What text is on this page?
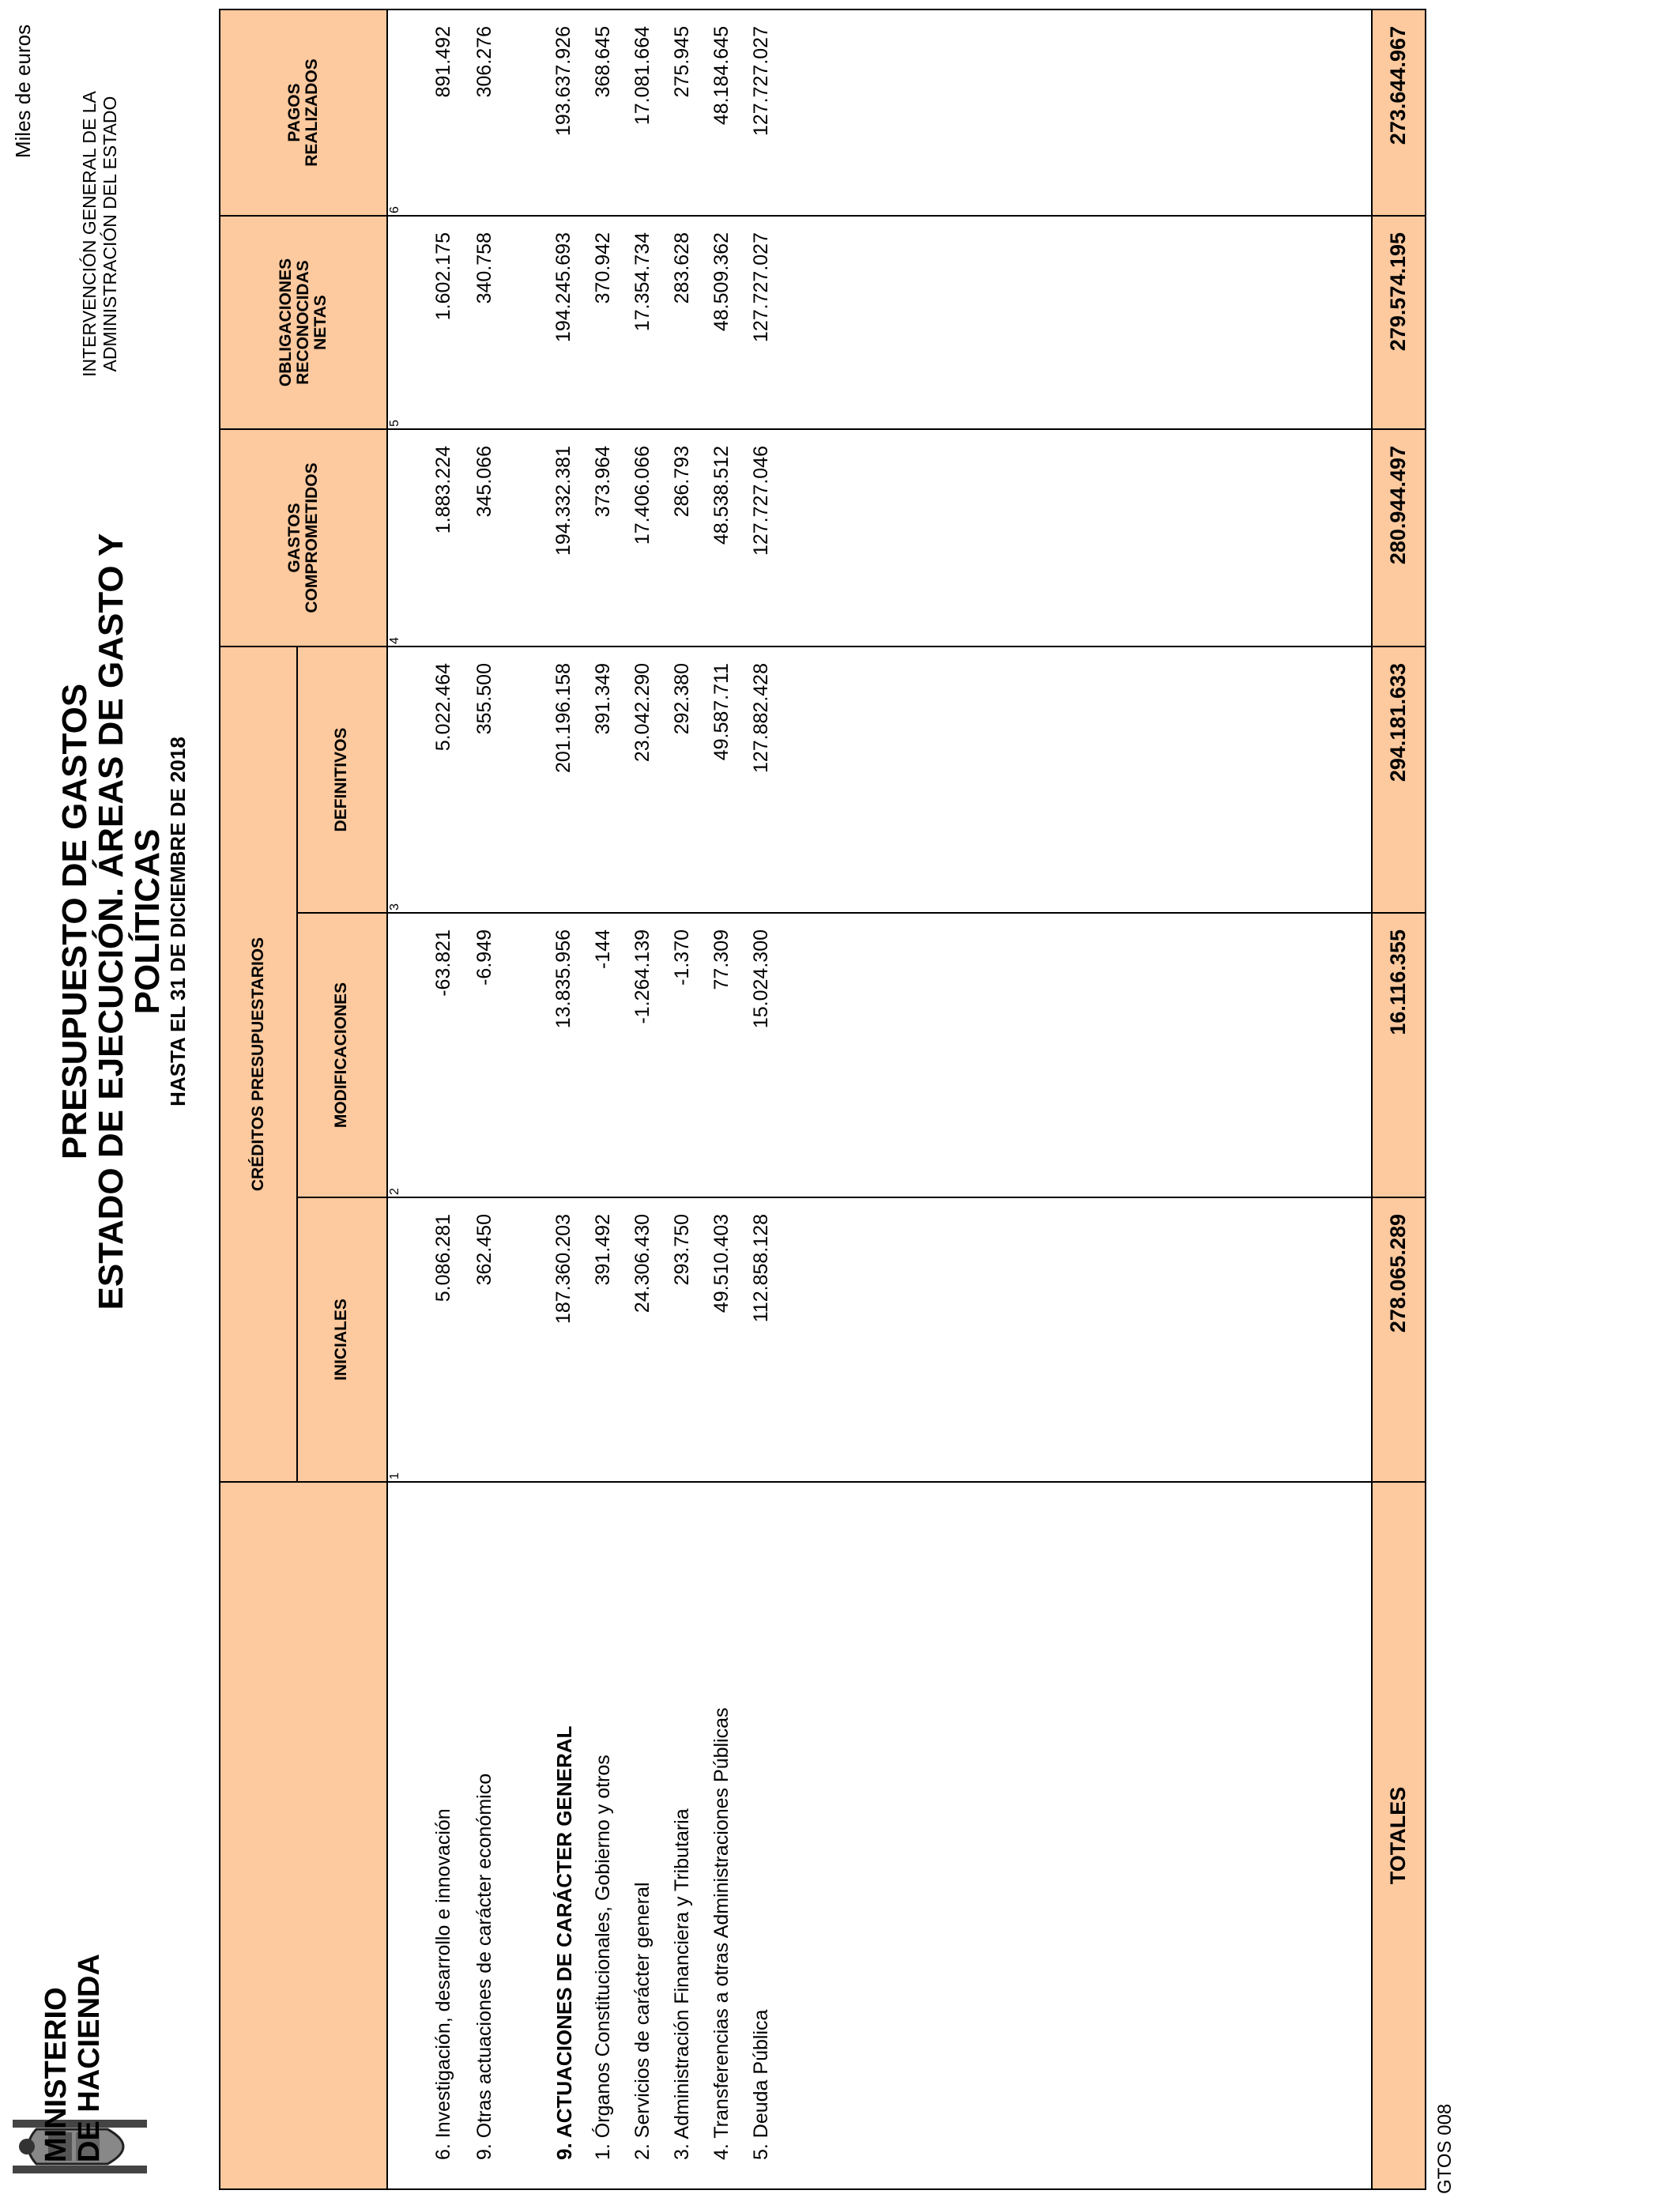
MINISTERIO DE HACIENDA
PRESUPUESTO DE GASTOS
ESTADO DE EJECUCIÓN. ÁREAS DE GASTO Y POLÍTICAS HASTA EL 31 DE DICIEMBRE DE 2018
INTERVENCIÓN GENERAL DE LA ADMINISTRACIÓN DEL ESTADO
Miles de euros
GTOS 008
CRÉDITOS PRESUPUESTARIOS
INICIALES
MODIFICACIONES
DEFINITIVOS
GASTOS COMPROMETIDOS
OBLIGACIONES RECONOCIDAS NETAS
PAGOS REALIZADOS
1
2
3
4
5
6
6. Investigación, desarrollo e innovación
5.086.281
-63.821
5.022.464
1.883.224
1.602.175
891.492
9. Otras actuaciones de carácter económico
362.450
-6.949
355.500
345.066
340.758
306.276
9. ACTUACIONES DE CARÁCTER GENERAL
187.360.203
13.835.956
201.196.158
194.332.381
194.245.693
193.637.926
1. Órganos Constitucionales, Gobierno y otros
391.492
-144
391.349
373.964
370.942
368.645
2. Servicios de carácter general
24.306.430
-1.264.139
23.042.290
17.406.066
17.354.734
17.081.664
3. Administración Financiera y Tributaria
293.750
-1.370
292.380
286.793
283.628
275.945
4. Transferencias a otras Administraciones Públicas
49.510.403
77.309
49.587.711
48.538.512
48.509.362
48.184.645
5. Deuda Pública
112.858.128
15.024.300
127.882.428
127.727.046
127.727.027
127.727.027
TOTALES
278.065.289
16.116.355
294.181.633
280.944.497
279.574.195
273.644.967
